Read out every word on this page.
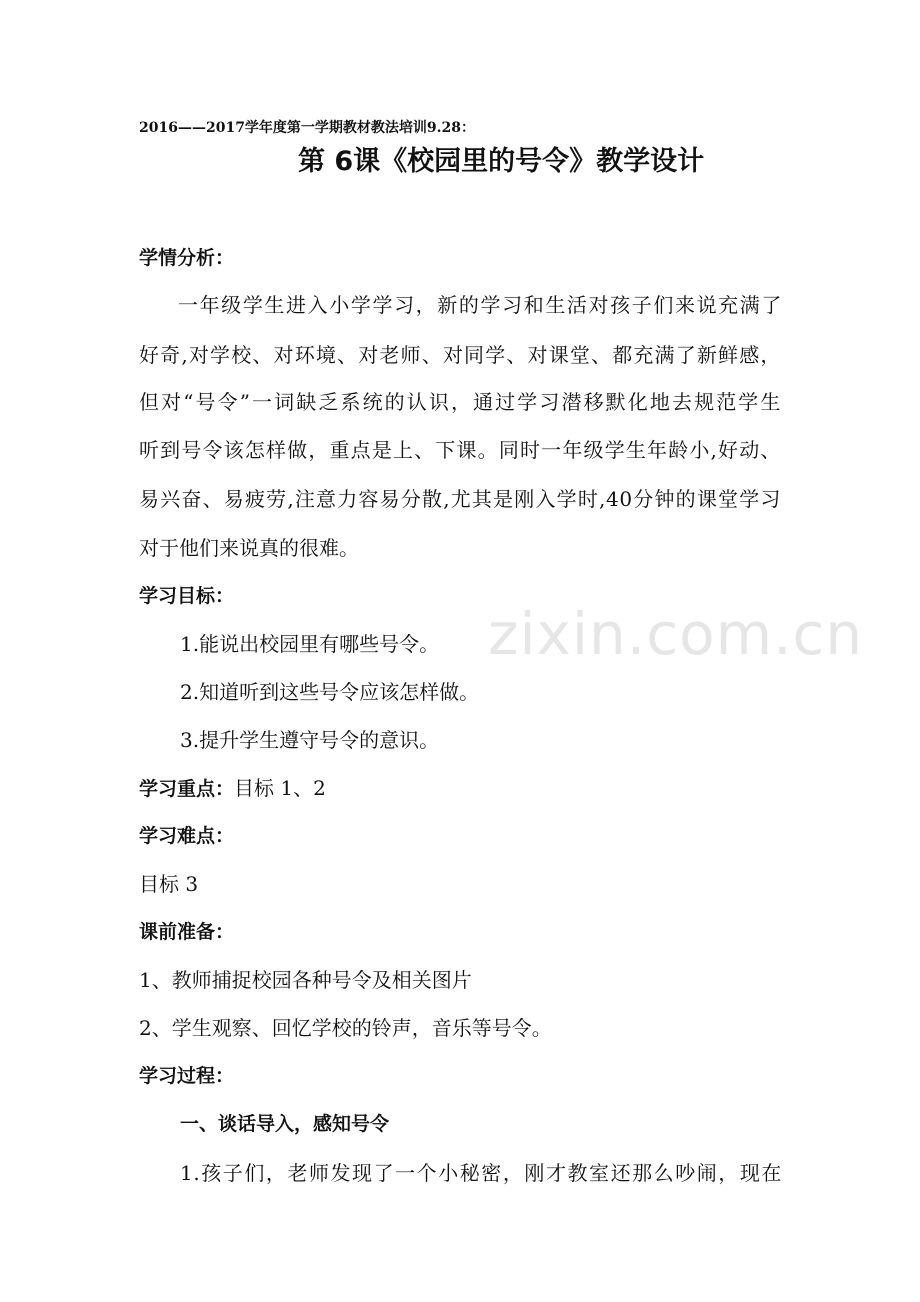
zixin.com.cn
2016——2017学年度第一学期教材教法培训9.28：
第 6课《校园里的号令》教学设计
学情分析：
一年级学生进入小学学习，新的学习和生活对孩子们来说充满了
好奇,对学校、对环境、对老师、对同学、对课堂、都充满了新鲜感，
但对“号令”一词缺乏系统的认识，通过学习潜移默化地去规范学生
听到号令该怎样做，重点是上、下课。同时一年级学生年龄小,好动、
易兴奋、易疲劳,注意力容易分散,尤其是刚入学时,40分钟的课堂学习
对于他们来说真的很难。
学习目标：
1.能说出校园里有哪些号令。
2.知道听到这些号令应该怎样做。
3.提升学生遵守号令的意识。
学习重点：目标 1、2
学习难点：
目标 3
课前准备：
1、教师捕捉校园各种号令及相关图片
2、学生观察、回忆学校的铃声，音乐等号令。
学习过程：
一、谈话导入，感知号令
1.孩子们，老师发现了一个小秘密，刚才教室还那么吵闹，现在
